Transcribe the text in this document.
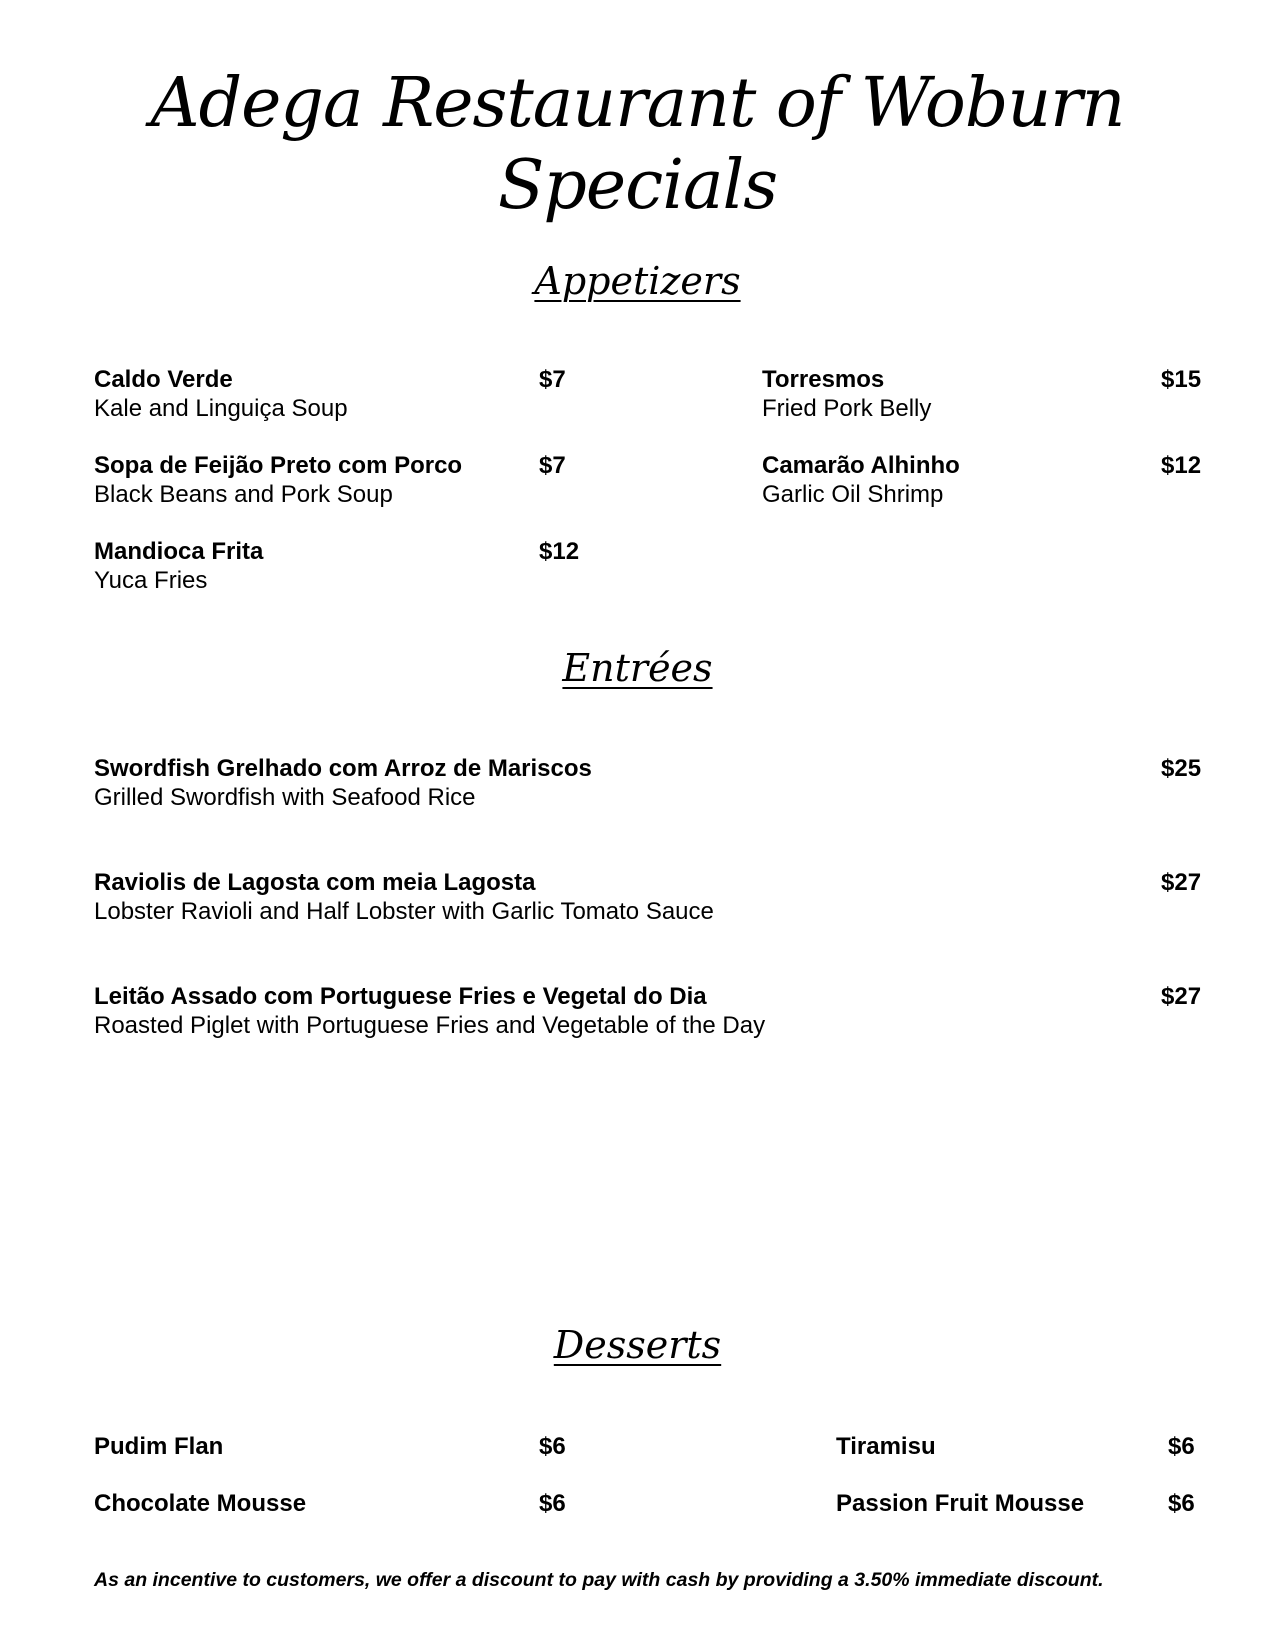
Adega Restaurant of Woburn
Specials
Appetizers
Caldo Verde
Kale and Linguiça Soup
$7
Sopa de Feijão Preto com Porco
Black Beans and Pork Soup
$7
Mandioca Frita
Yuca Fries
$12
Torresmos
Fried Pork Belly
$15
Camarão Alhinho
Garlic Oil Shrimp
$12
Entrées
Swordfish Grelhado com Arroz de Mariscos
Grilled Swordfish with Seafood Rice
$25
Raviolis de Lagosta com meia Lagosta
Lobster Ravioli and Half Lobster with Garlic Tomato Sauce
$27
Leitão Assado com Portuguese Fries e Vegetal do Dia
Roasted Piglet with Portuguese Fries and Vegetable of the Day
$27
Desserts
Pudim Flan	$6
Chocolate Mousse	$6
Tiramisu	$6
Passion Fruit Mousse	$6
As an incentive to customers, we offer a discount to pay with cash by providing a 3.50% immediate discount.
